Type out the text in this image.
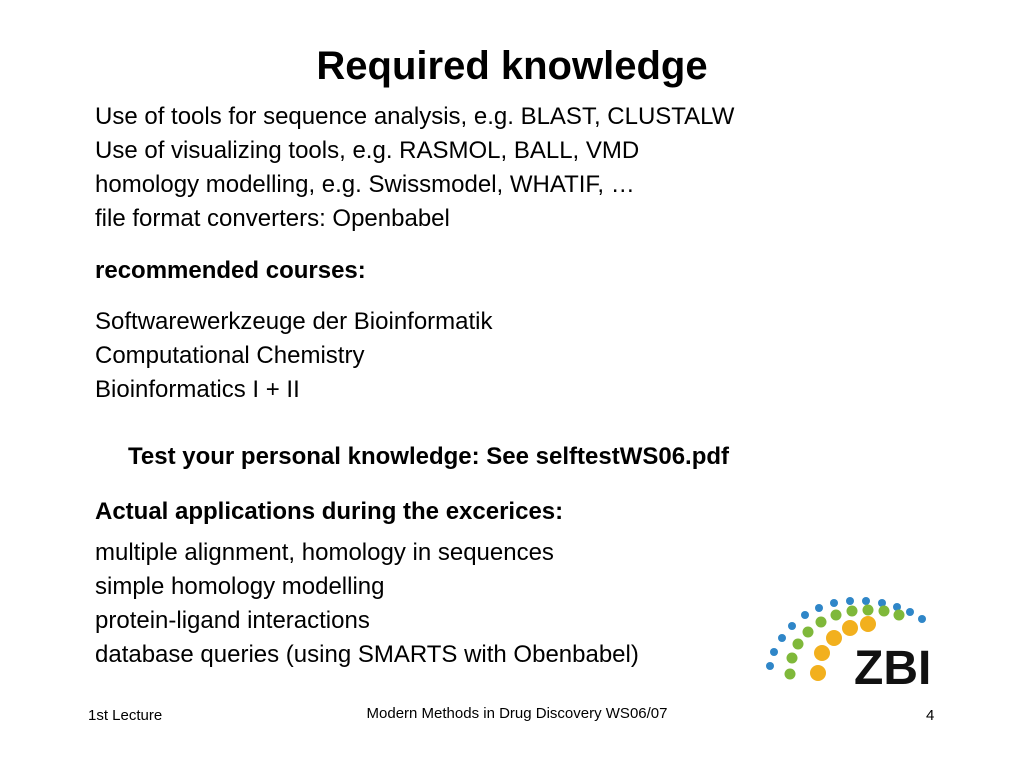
Required knowledge
Use of tools for sequence analysis, e.g. BLAST, CLUSTALW
Use of visualizing tools, e.g. RASMOL, BALL, VMD
homology modelling, e.g. Swissmodel, WHATIF, …
file format converters: Openbabel
recommended courses:
Softwarewerkzeuge der Bioinformatik
Computational Chemistry
Bioinformatics I + II
Test your personal knowledge: See selftestWS06.pdf
Actual applications during the excerices:
multiple alignment, homology in sequences
simple homology modelling
protein-ligand interactions
database queries (using SMARTS with Obenbabel)	ZBI
1st Lecture	Modern Methods in Drug Discovery WS06/07	4
